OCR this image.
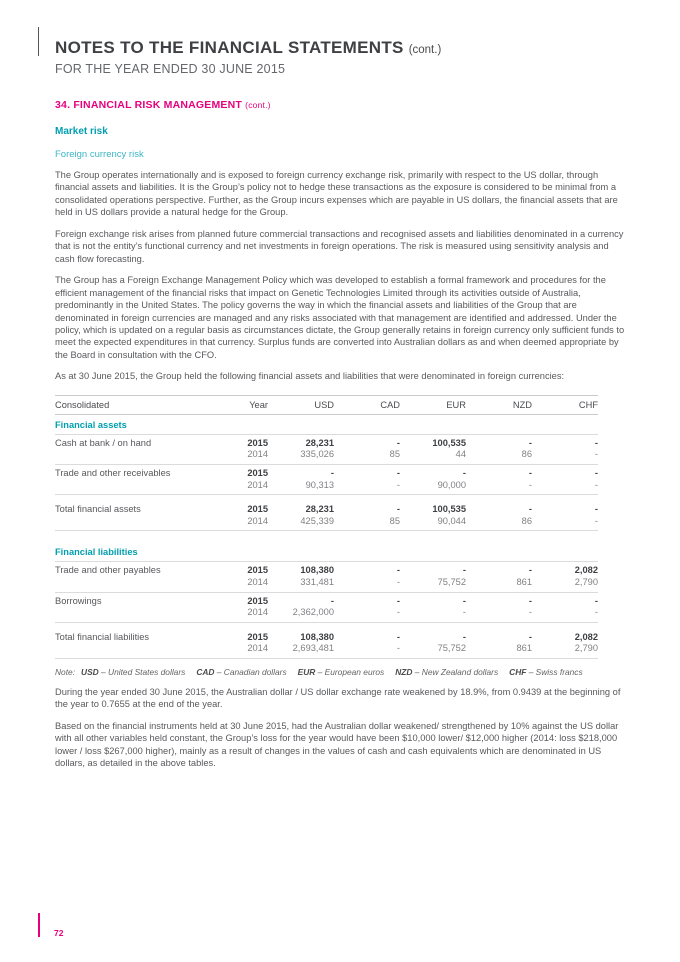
NOTES TO THE FINANCIAL STATEMENTS (cont.)
FOR THE YEAR ENDED 30 JUNE 2015
34. FINANCIAL RISK MANAGEMENT (cont.)
Market risk
Foreign currency risk

The Group operates internationally and is exposed to foreign currency exchange risk, primarily with respect to the US dollar, through financial assets and liabilities. It is the Group’s policy not to hedge these transactions as the exposure is considered to be minimal from a consolidated operations perspective. Further, as the Group incurs expenses which are payable in US dollars, the financial assets that are held in US dollars provide a natural hedge for the Group.

Foreign exchange risk arises from planned future commercial transactions and recognised assets and liabilities denominated in a currency that is not the entity’s functional currency and net investments in foreign operations. The risk is measured using sensitivity analysis and cash flow forecasting.

The Group has a Foreign Exchange Management Policy which was developed to establish a formal framework and procedures for the efficient management of the financial risks that impact on Genetic Technologies Limited through its activities outside of Australia, predominantly in the United States. The policy governs the way in which the financial assets and liabilities of the Group that are denominated in foreign currencies are managed and any risks associated with that management are identified and addressed. Under the policy, which is updated on a regular basis as circumstances dictate, the Group generally retains in foreign currency only sufficient funds to meet the expected expenditures in that currency. Surplus funds are converted into Australian dollars as and when deemed appropriate by the Board in consultation with the CFO.

As at 30 June 2015, the Group held the following financial assets and liabilities that were denominated in foreign currencies:

Consolidated	Year	USD	CAD	EUR	NZD	CHF
Financial assets
Cash at bank / on hand	2015	28,231	-	100,535	-	-
2014	335,026	85	44	86	-
Trade and other receivables	2015	-	-	-	-	-
2014	90,313	-	90,000	-	-
Total financial assets	2015	28,231	-	100,535	-	-
2014	425,339	85	90,044	86	-
Financial liabilities
Trade and other payables	2015	108,380	-	-	-	2,082
2014	331,481	-	75,752	861	2,790
Borrowings	2015	-	-	-	-	-
2014	2,362,000	-	-	-	-
Total financial liabilities	2015	108,380	-	-	-	2,082
2014	2,693,481	-	75,752	861	2,790
Note: USD – United States dollars CAD – Canadian dollars EUR – European euros NZD – New Zealand dollars CHF – Swiss francs

During the year ended 30 June 2015, the Australian dollar / US dollar exchange rate weakened by 18.9%, from 0.9439 at the beginning of the year to 0.7655 at the end of the year.

Based on the financial instruments held at 30 June 2015, had the Australian dollar weakened/ strengthened by 10% against the US dollar with all other variables held constant, the Group’s loss for the year would have been $10,000 lower/ $12,000 higher (2014: loss $218,000 lower / loss $267,000 higher), mainly as a result of changes in the values of cash and cash equivalents which are denominated in US dollars, as detailed in the above tables.

72
